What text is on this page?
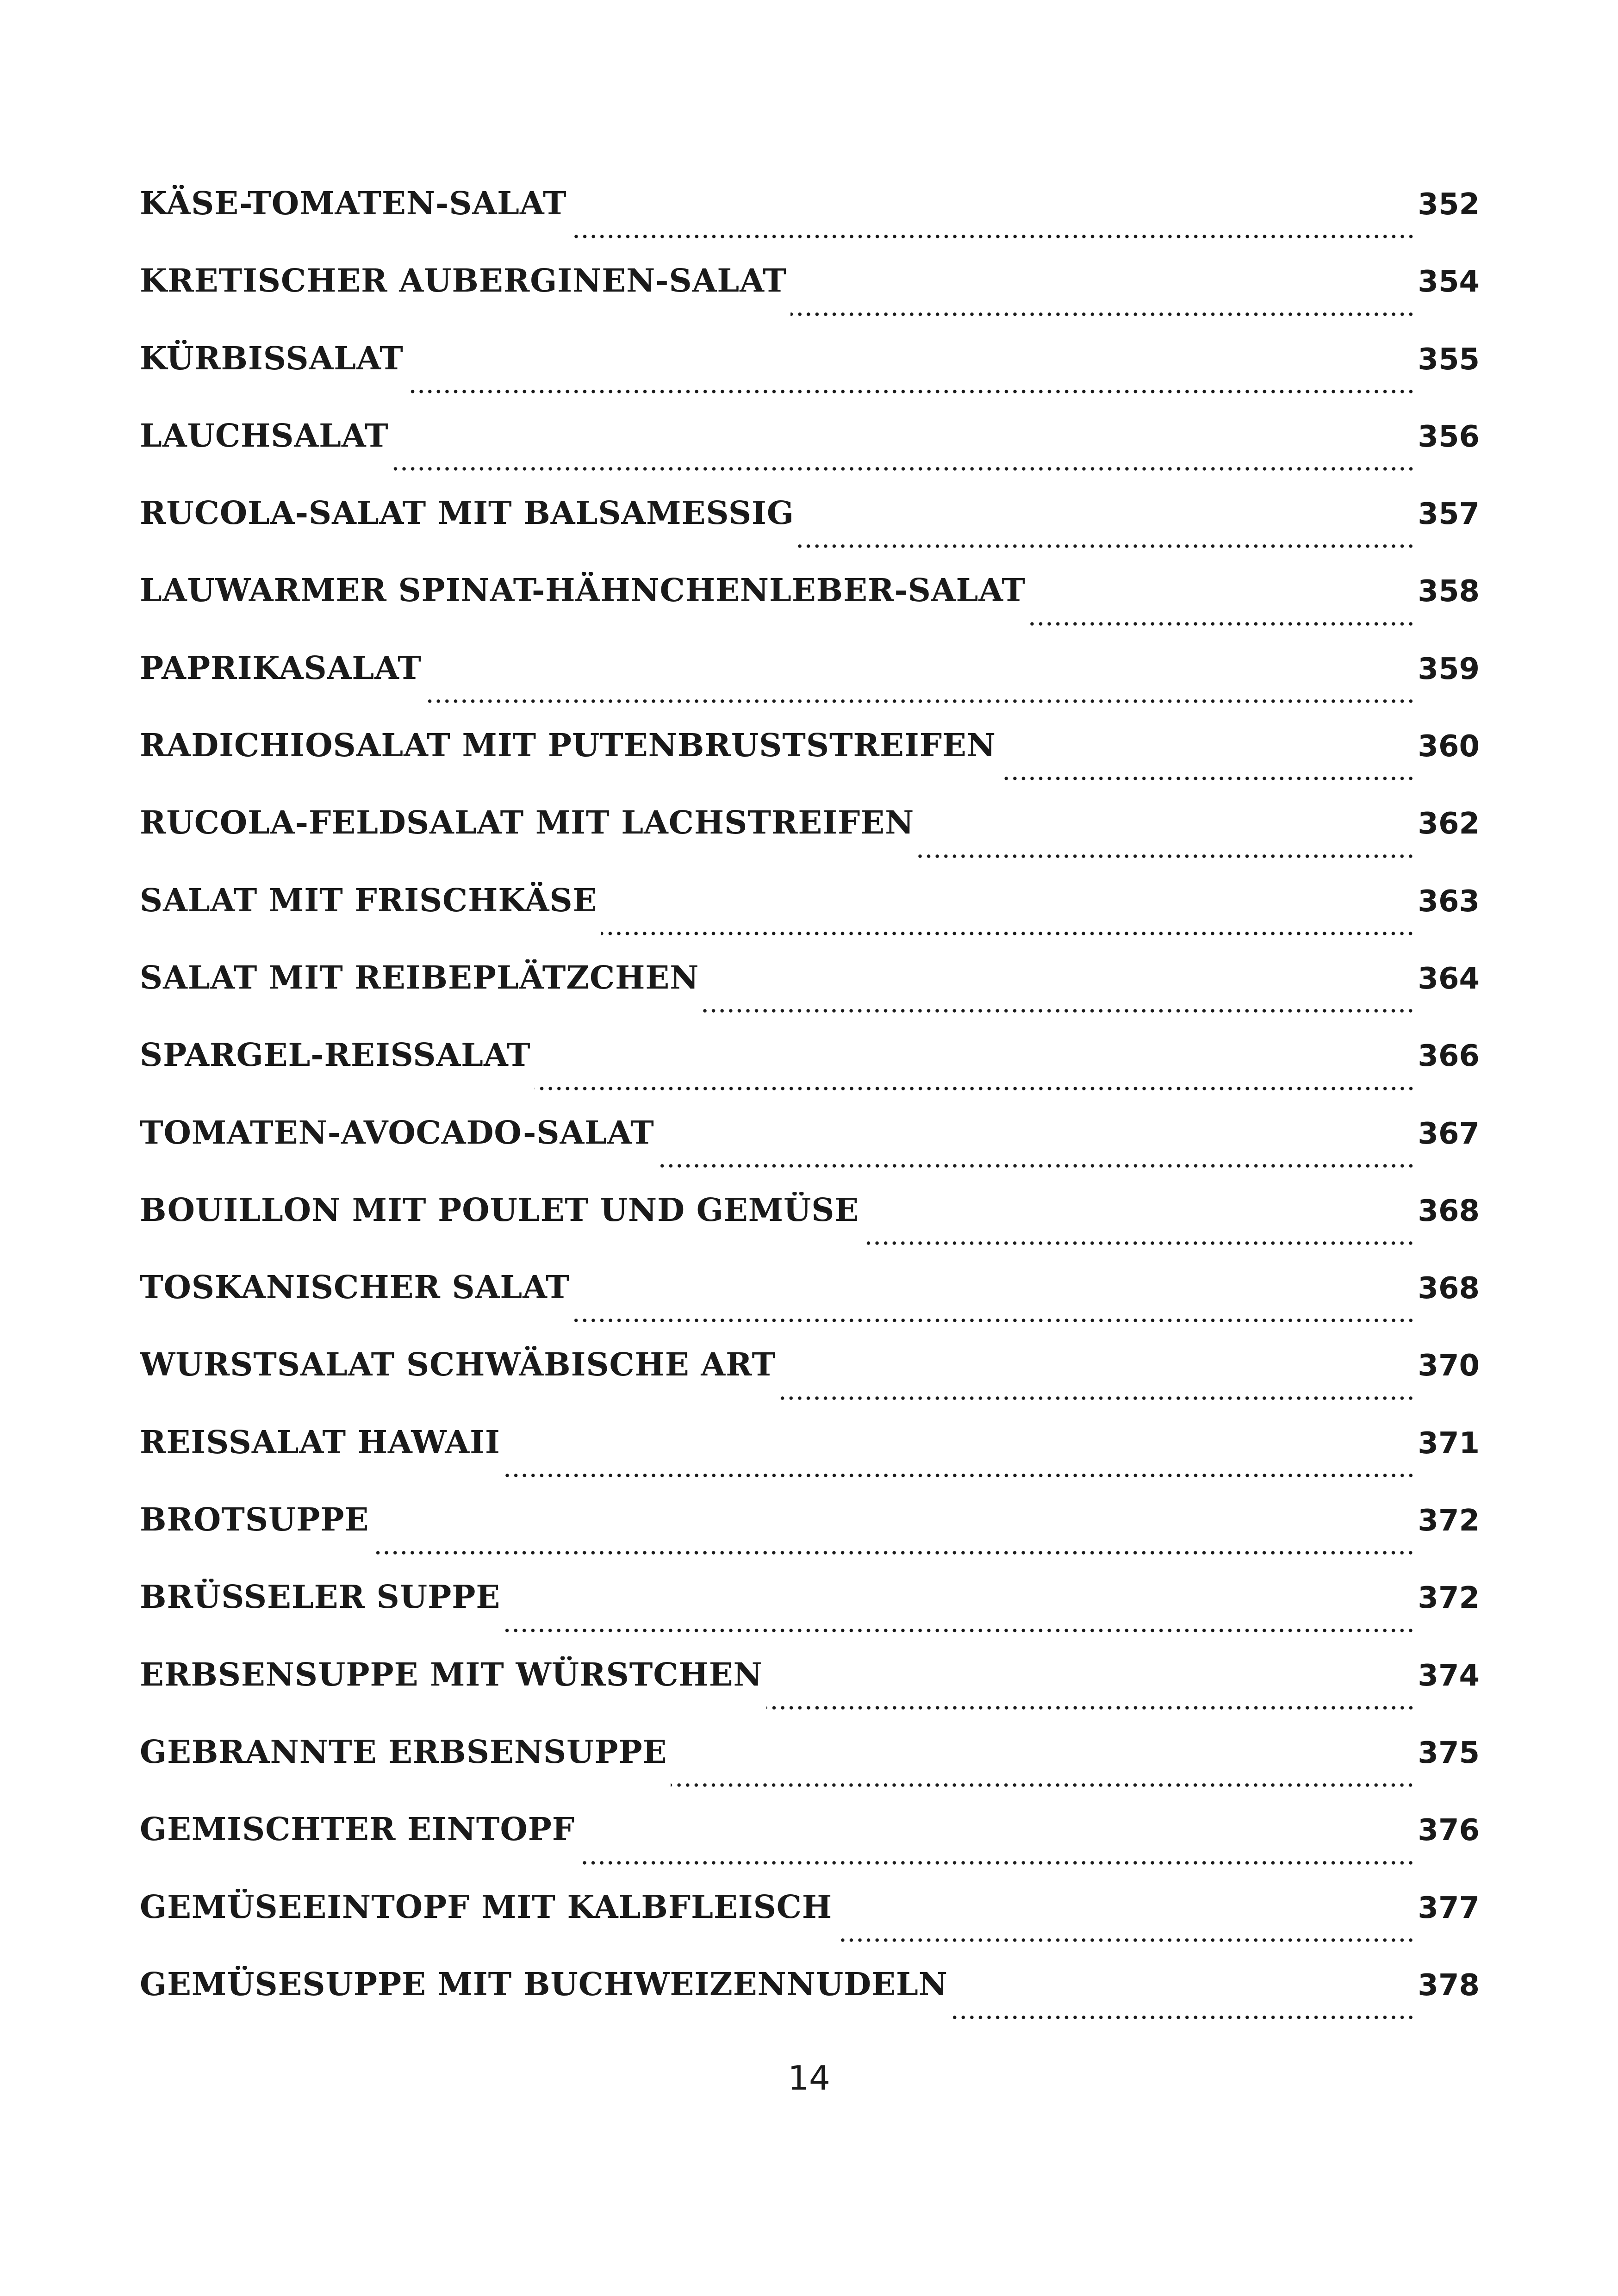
KÄSE-TOMATEN-SALAT	352
KRETISCHER AUBERGINEN-SALAT	354
KÜRBISSALAT	355
LAUCHSALAT	356
RUCOLA-SALAT MIT BALSAMESSIG	357
LAUWARMER SPINAT-HÄHNCHENLEBER-SALAT	358
PAPRIKASALAT	359
RADICHIOSALAT MIT PUTENBRUSTSTREIFEN	360
RUCOLA-FELDSALAT MIT LACHSTREIFEN	362
SALAT MIT FRISCHKÄSE	363
SALAT MIT REIBEPLÄTZCHEN	364
SPARGEL-REISSALAT	366
TOMATEN-AVOCADO-SALAT	367
BOUILLON MIT POULET UND GEMÜSE	368
TOSKANISCHER SALAT	368
WURSTSALAT SCHWÄBISCHE ART	370
REISSALAT HAWAII	371
BROTSUPPE	372
BRÜSSELER SUPPE	372
ERBSENSUPPE MIT WÜRSTCHEN	374
GEBRANNTE ERBSENSUPPE	375
GEMISCHTER EINTOPF	376
GEMÜSEEINTOPF MIT KALBFLEISCH	377
GEMÜSESUPPE MIT BUCHWEIZENNUDELN	378
14
